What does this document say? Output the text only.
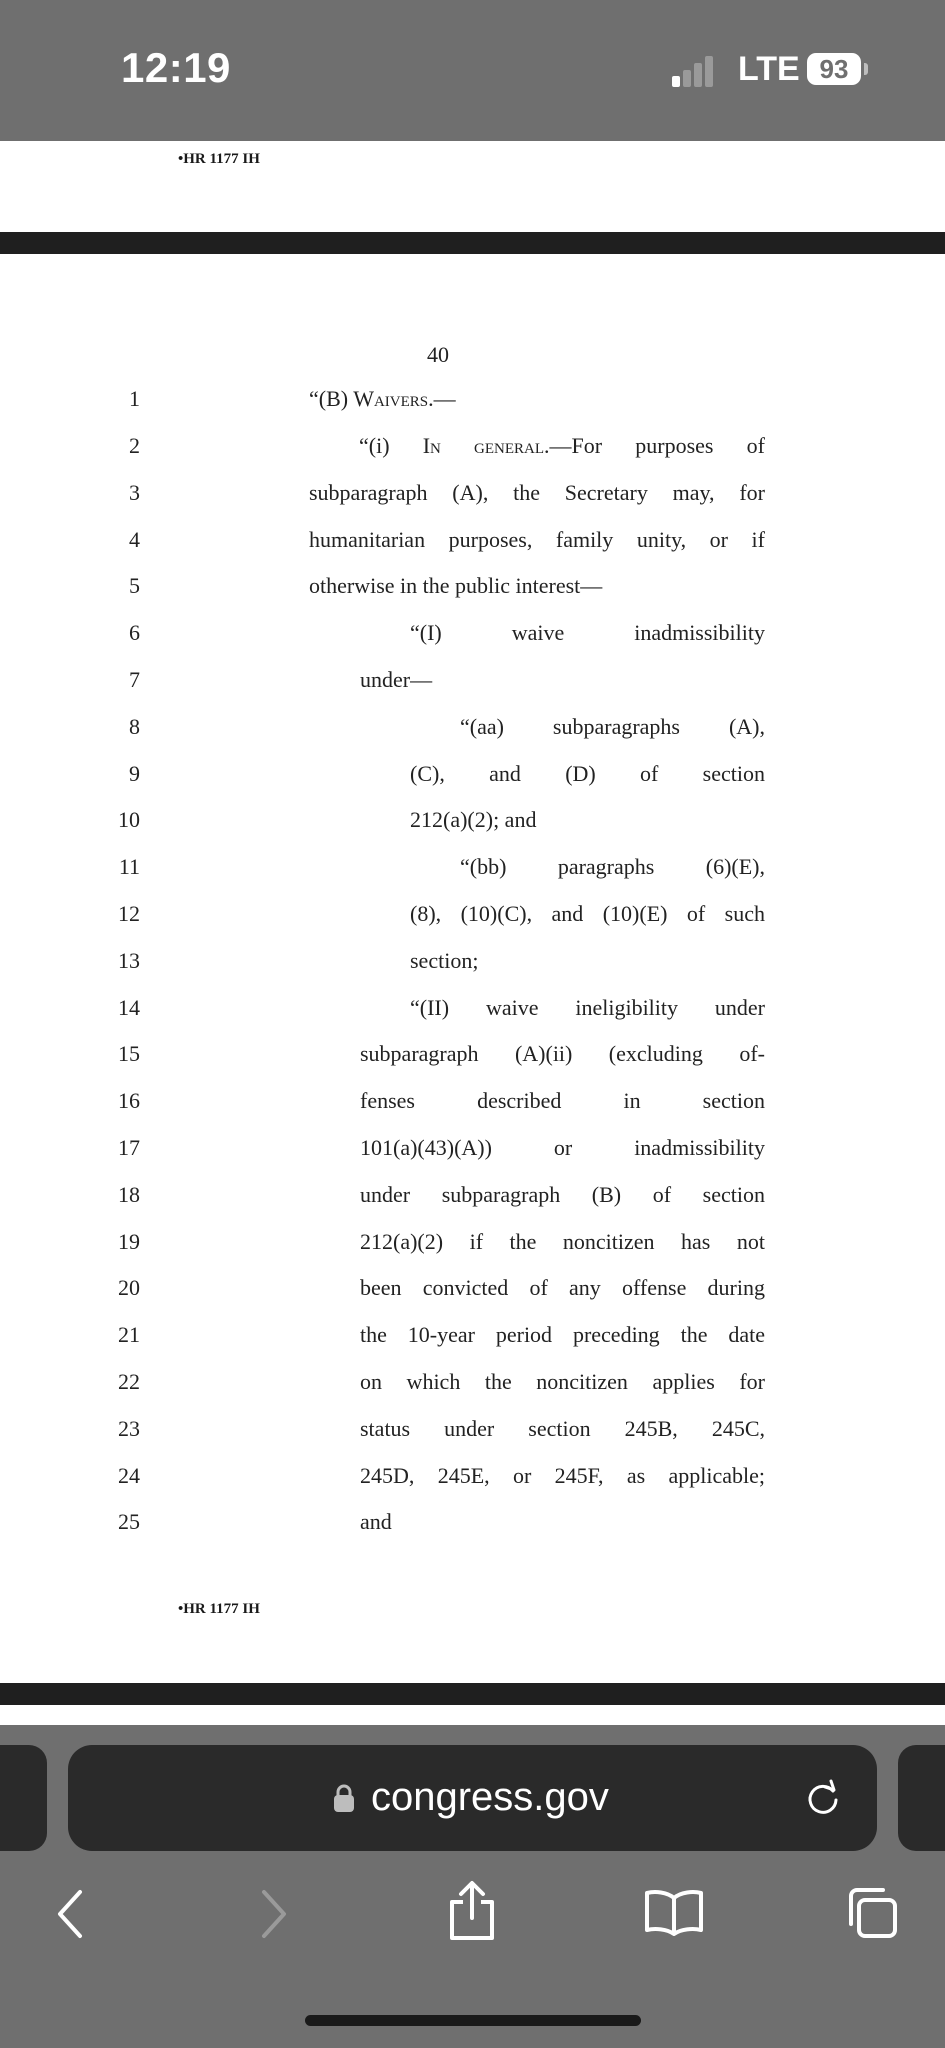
12:19	LTE 93
•HR 1177 IH
40
1
2
3
4
5
6
7
8
9
10
11
12
13
14
15
16
17
18
19
20
21
22
23
24
25
“(B) Waivers.—
“(i) In general.—For purposes of
subparagraph (A), the Secretary may, for
humanitarian purposes, family unity, or if
otherwise in the public interest—
“(I) waive inadmissibility
under—
“(aa) subparagraphs (A),
(C), and (D) of section
212(a)(2); and
“(bb) paragraphs (6)(E),
(8), (10)(C), and (10)(E) of such
section;
“(II) waive ineligibility under
subparagraph (A)(ii) (excluding of-
fenses described in section
101(a)(43)(A)) or inadmissibility
under subparagraph (B) of section
212(a)(2) if the noncitizen has not
been convicted of any offense during
the 10-year period preceding the date
on which the noncitizen applies for
status under section 245B, 245C,
245D, 245E, or 245F, as applicable;
and
•HR 1177 IH
congress.gov
